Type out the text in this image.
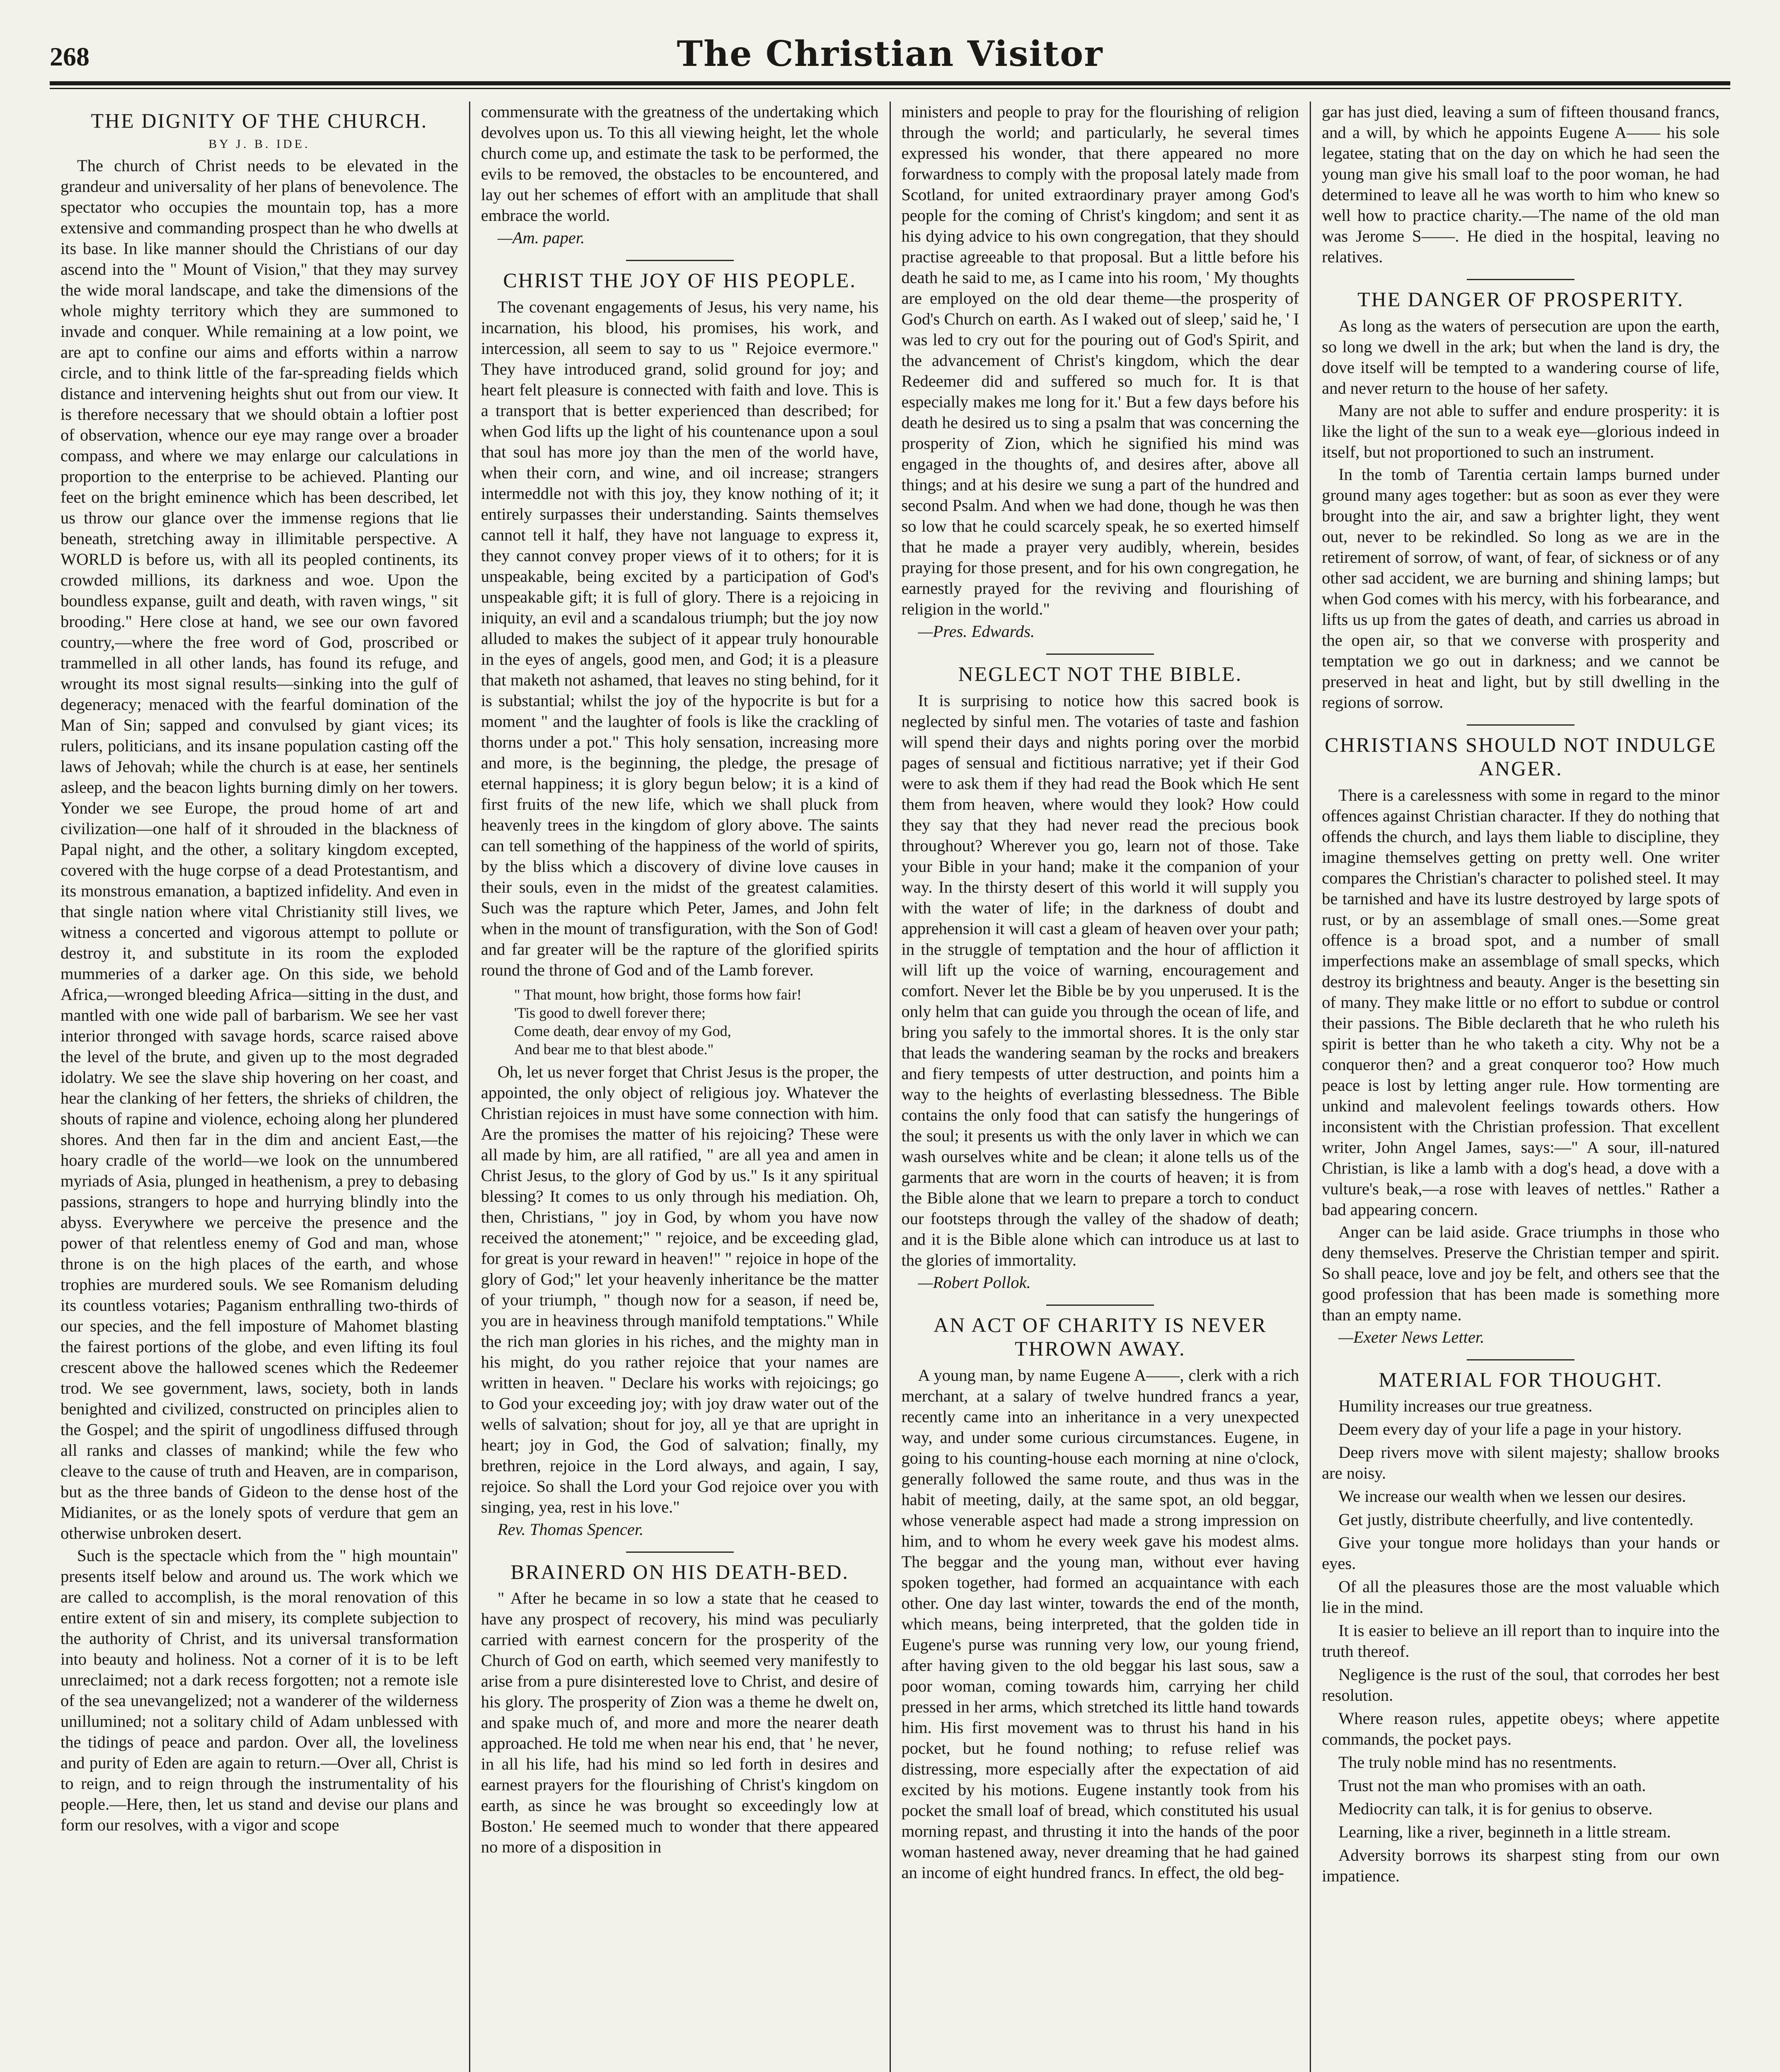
268	The Christian Visitor
THE DIGNITY OF THE CHURCH.
BY J. B. IDE.

The church of Christ needs to be elevated in the grandeur and universality of her plans of benevolence. The spectator who occupies the mountain top, has a more extensive and commanding prospect than he who dwells at its base. In like manner should the Christians of our day ascend into the " Mount of Vision," that they may survey the wide moral landscape, and take the dimensions of the whole mighty territory which they are summoned to invade and conquer. While remaining at a low point, we are apt to confine our aims and efforts within a narrow circle, and to think little of the far-spreading fields which distance and intervening heights shut out from our view. It is therefore necessary that we should obtain a loftier post of observation, whence our eye may range over a broader compass, and where we may enlarge our calculations in proportion to the enterprise to be achieved. Planting our feet on the bright eminence which has been described, let us throw our glance over the immense regions that lie beneath, stretching away in illimitable perspective. A WORLD is before us, with all its peopled continents, its crowded millions, its darkness and woe. Upon the boundless expanse, guilt and death, with raven wings, " sit brooding." Here close at hand, we see our own favored country,—where the free word of God, proscribed or trammelled in all other lands, has found its refuge, and wrought its most signal results—sinking into the gulf of degeneracy; menaced with the fearful domination of the Man of Sin; sapped and convulsed by giant vices; its rulers, politicians, and its insane population casting off the laws of Jehovah; while the church is at ease, her sentinels asleep, and the beacon lights burning dimly on her towers. Yonder we see Europe, the proud home of art and civilization—one half of it shrouded in the blackness of Papal night, and the other, a solitary kingdom excepted, covered with the huge corpse of a dead Protestantism, and its monstrous emanation, a baptized infidelity. And even in that single nation where vital Christianity still lives, we witness a concerted and vigorous attempt to pollute or destroy it, and substitute in its room the exploded mummeries of a darker age. On this side, we behold Africa,—wronged bleeding Africa—sitting in the dust, and mantled with one wide pall of barbarism. We see her vast interior thronged with savage hords, scarce raised above the level of the brute, and given up to the most degraded idolatry. We see the slave ship hovering on her coast, and hear the clanking of her fetters, the shrieks of children, the shouts of rapine and violence, echoing along her plundered shores. And then far in the dim and ancient East,—the hoary cradle of the world—we look on the unnumbered myriads of Asia, plunged in heathenism, a prey to debasing passions, strangers to hope and hurrying blindly into the abyss. Everywhere we perceive the presence and the power of that relentless enemy of God and man, whose throne is on the high places of the earth, and whose trophies are murdered souls. We see Romanism deluding its countless votaries; Paganism enthralling two-thirds of our species, and the fell imposture of Mahomet blasting the fairest portions of the globe, and even lifting its foul crescent above the hallowed scenes which the Redeemer trod. We see government, laws, society, both in lands benighted and civilized, constructed on principles alien to the Gospel; and the spirit of ungodliness diffused through all ranks and classes of mankind; while the few who cleave to the cause of truth and Heaven, are in comparison, but as the three bands of Gideon to the dense host of the Midianites, or as the lonely spots of verdure that gem an otherwise unbroken desert.

Such is the spectacle which from the " high mountain" presents itself below and around us. The work which we are called to accomplish, is the moral renovation of this entire extent of sin and misery, its complete subjection to the authority of Christ, and its universal transformation into beauty and holiness. Not a corner of it is to be left unreclaimed; not a dark recess forgotten; not a remote isle of the sea unevangelized; not a wanderer of the wilderness unillumined; not a solitary child of Adam unblessed with the tidings of peace and pardon. Over all, the loveliness and purity of Eden are again to return.—Over all, Christ is to reign, and to reign through the instrumentality of his people.—Here, then, let us stand and devise our plans and form our resolves, with a vigor and scope

commensurate with the greatness of the undertaking which devolves upon us. To this all viewing height, let the whole church come up, and estimate the task to be performed, the evils to be removed, the obstacles to be encountered, and lay out her schemes of effort with an amplitude that shall embrace the world.

—Am. paper.

CHRIST THE JOY OF HIS PEOPLE.

The covenant engagements of Jesus, his very name, his incarnation, his blood, his promises, his work, and intercession, all seem to say to us " Rejoice evermore." They have introduced grand, solid ground for joy; and heart felt pleasure is connected with faith and love. This is a transport that is better experienced than described; for when God lifts up the light of his countenance upon a soul that soul has more joy than the men of the world have, when their corn, and wine, and oil increase; strangers intermeddle not with this joy, they know nothing of it; it entirely surpasses their understanding. Saints themselves cannot tell it half, they have not language to express it, they cannot convey proper views of it to others; for it is unspeakable, being excited by a participation of God's unspeakable gift; it is full of glory. There is a rejoicing in iniquity, an evil and a scandalous triumph; but the joy now alluded to makes the subject of it appear truly honourable in the eyes of angels, good men, and God; it is a pleasure that maketh not ashamed, that leaves no sting behind, for it is substantial; whilst the joy of the hypocrite is but for a moment " and the laughter of fools is like the crackling of thorns under a pot." This holy sensation, increasing more and more, is the beginning, the pledge, the presage of eternal happiness; it is glory begun below; it is a kind of first fruits of the new life, which we shall pluck from heavenly trees in the kingdom of glory above. The saints can tell something of the happiness of the world of spirits, by the bliss which a discovery of divine love causes in their souls, even in the midst of the greatest calamities. Such was the rapture which Peter, James, and John felt when in the mount of transfiguration, with the Son of God! and far greater will be the rapture of the glorified spirits round the throne of God and of the Lamb forever.

" That mount, how bright, those forms how fair!
'Tis good to dwell forever there;
Come death, dear envoy of my God,
And bear me to that blest abode."

Oh, let us never forget that Christ Jesus is the proper, the appointed, the only object of religious joy. Whatever the Christian rejoices in must have some connection with him. Are the promises the matter of his rejoicing? These were all made by him, are all ratified, " are all yea and amen in Christ Jesus, to the glory of God by us." Is it any spiritual blessing? It comes to us only through his mediation. Oh, then, Christians, " joy in God, by whom you have now received the atonement;" " rejoice, and be exceeding glad, for great is your reward in heaven!" " rejoice in hope of the glory of God;" let your heavenly inheritance be the matter of your triumph, " though now for a season, if need be, you are in heaviness through manifold temptations." While the rich man glories in his riches, and the mighty man in his might, do you rather rejoice that your names are written in heaven. " Declare his works with rejoicings; go to God your exceeding joy; with joy draw water out of the wells of salvation; shout for joy, all ye that are upright in heart; joy in God, the God of salvation; finally, my brethren, rejoice in the Lord always, and again, I say, rejoice. So shall the Lord your God rejoice over you with singing, yea, rest in his love."

Rev. Thomas Spencer.

BRAINERD ON HIS DEATH-BED.

" After he became in so low a state that he ceased to have any prospect of recovery, his mind was peculiarly carried with earnest concern for the prosperity of the Church of God on earth, which seemed very manifestly to arise from a pure disinterested love to Christ, and desire of his glory. The prosperity of Zion was a theme he dwelt on, and spake much of, and more and more the nearer death approached. He told me when near his end, that ' he never, in all his life, had his mind so led forth in desires and earnest prayers for the flourishing of Christ's kingdom on earth, as since he was brought so exceedingly low at Boston.' He seemed much to wonder that there appeared no more of a disposition in

ministers and people to pray for the flourishing of religion through the world; and particularly, he several times expressed his wonder, that there appeared no more forwardness to comply with the proposal lately made from Scotland, for united extraordinary prayer among God's people for the coming of Christ's kingdom; and sent it as his dying advice to his own congregation, that they should practise agreeable to that proposal. But a little before his death he said to me, as I came into his room, ' My thoughts are employed on the old dear theme—the prosperity of God's Church on earth. As I waked out of sleep,' said he, ' I was led to cry out for the pouring out of God's Spirit, and the advancement of Christ's kingdom, which the dear Redeemer did and suffered so much for. It is that especially makes me long for it.' But a few days before his death he desired us to sing a psalm that was concerning the prosperity of Zion, which he signified his mind was engaged in the thoughts of, and desires after, above all things; and at his desire we sung a part of the hundred and second Psalm. And when we had done, though he was then so low that he could scarcely speak, he so exerted himself that he made a prayer very audibly, wherein, besides praying for those present, and for his own congregation, he earnestly prayed for the reviving and flourishing of religion in the world."

—Pres. Edwards.

NEGLECT NOT THE BIBLE.

It is surprising to notice how this sacred book is neglected by sinful men. The votaries of taste and fashion will spend their days and nights poring over the morbid pages of sensual and fictitious narrative; yet if their God were to ask them if they had read the Book which He sent them from heaven, where would they look? How could they say that they had never read the precious book throughout? Wherever you go, learn not of those. Take your Bible in your hand; make it the companion of your way. In the thirsty desert of this world it will supply you with the water of life; in the darkness of doubt and apprehension it will cast a gleam of heaven over your path; in the struggle of temptation and the hour of affliction it will lift up the voice of warning, encouragement and comfort. Never let the Bible be by you unperused. It is the only helm that can guide you through the ocean of life, and bring you safely to the immortal shores. It is the only star that leads the wandering seaman by the rocks and breakers and fiery tempests of utter destruction, and points him a way to the heights of everlasting blessedness. The Bible contains the only food that can satisfy the hungerings of the soul; it presents us with the only laver in which we can wash ourselves white and be clean; it alone tells us of the garments that are worn in the courts of heaven; it is from the Bible alone that we learn to prepare a torch to conduct our footsteps through the valley of the shadow of death; and it is the Bible alone which can introduce us at last to the glories of immortality.

—Robert Pollok.

AN ACT OF CHARITY IS NEVER THROWN AWAY.

A young man, by name Eugene A——, clerk with a rich merchant, at a salary of twelve hundred francs a year, recently came into an inheritance in a very unexpected way, and under some curious circumstances. Eugene, in going to his counting-house each morning at nine o'clock, generally followed the same route, and thus was in the habit of meeting, daily, at the same spot, an old beggar, whose venerable aspect had made a strong impression on him, and to whom he every week gave his modest alms. The beggar and the young man, without ever having spoken together, had formed an acquaintance with each other. One day last winter, towards the end of the month, which means, being interpreted, that the golden tide in Eugene's purse was running very low, our young friend, after having given to the old beggar his last sous, saw a poor woman, coming towards him, carrying her child pressed in her arms, which stretched its little hand towards him. His first movement was to thrust his hand in his pocket, but he found nothing; to refuse relief was distressing, more especially after the expectation of aid excited by his motions. Eugene instantly took from his pocket the small loaf of bread, which constituted his usual morning repast, and thrusting it into the hands of the poor woman hastened away, never dreaming that he had gained an income of eight hundred francs. In effect, the old beg-

gar has just died, leaving a sum of fifteen thousand francs, and a will, by which he appoints Eugene A—— his sole legatee, stating that on the day on which he had seen the young man give his small loaf to the poor woman, he had determined to leave all he was worth to him who knew so well how to practice charity.—The name of the old man was Jerome S——. He died in the hospital, leaving no relatives.

THE DANGER OF PROSPERITY.

As long as the waters of persecution are upon the earth, so long we dwell in the ark; but when the land is dry, the dove itself will be tempted to a wandering course of life, and never return to the house of her safety.

Many are not able to suffer and endure prosperity: it is like the light of the sun to a weak eye—glorious indeed in itself, but not proportioned to such an instrument.

In the tomb of Tarentia certain lamps burned under ground many ages together: but as soon as ever they were brought into the air, and saw a brighter light, they went out, never to be rekindled. So long as we are in the retirement of sorrow, of want, of fear, of sickness or of any other sad accident, we are burning and shining lamps; but when God comes with his mercy, with his forbearance, and lifts us up from the gates of death, and carries us abroad in the open air, so that we converse with prosperity and temptation we go out in darkness; and we cannot be preserved in heat and light, but by still dwelling in the regions of sorrow.

CHRISTIANS SHOULD NOT INDULGE ANGER.

There is a carelessness with some in regard to the minor offences against Christian character. If they do nothing that offends the church, and lays them liable to discipline, they imagine themselves getting on pretty well. One writer compares the Christian's character to polished steel. It may be tarnished and have its lustre destroyed by large spots of rust, or by an assemblage of small ones.—Some great offence is a broad spot, and a number of small imperfections make an assemblage of small specks, which destroy its brightness and beauty. Anger is the besetting sin of many. They make little or no effort to subdue or control their passions. The Bible declareth that he who ruleth his spirit is better than he who taketh a city. Why not be a conqueror then? and a great conqueror too? How much peace is lost by letting anger rule. How tormenting are unkind and malevolent feelings towards others. How inconsistent with the Christian profession. That excellent writer, John Angel James, says:—" A sour, ill-natured Christian, is like a lamb with a dog's head, a dove with a vulture's beak,—a rose with leaves of nettles." Rather a bad appearing concern.

Anger can be laid aside. Grace triumphs in those who deny themselves. Preserve the Christian temper and spirit. So shall peace, love and joy be felt, and others see that the good profession that has been made is something more than an empty name.

—Exeter News Letter.

MATERIAL FOR THOUGHT.
Humility increases our true greatness.
Deem every day of your life a page in your history.
Deep rivers move with silent majesty; shallow brooks are noisy.
We increase our wealth when we lessen our desires.
Get justly, distribute cheerfully, and live contentedly.
Give your tongue more holidays than your hands or eyes.
Of all the pleasures those are the most valuable which lie in the mind.
It is easier to believe an ill report than to inquire into the truth thereof.
Negligence is the rust of the soul, that corrodes her best resolution.
Where reason rules, appetite obeys; where appetite commands, the pocket pays.
The truly noble mind has no resentments.
Trust not the man who promises with an oath.
Mediocrity can talk, it is for genius to observe.
Learning, like a river, beginneth in a little stream.
Adversity borrows its sharpest sting from our own impatience.
